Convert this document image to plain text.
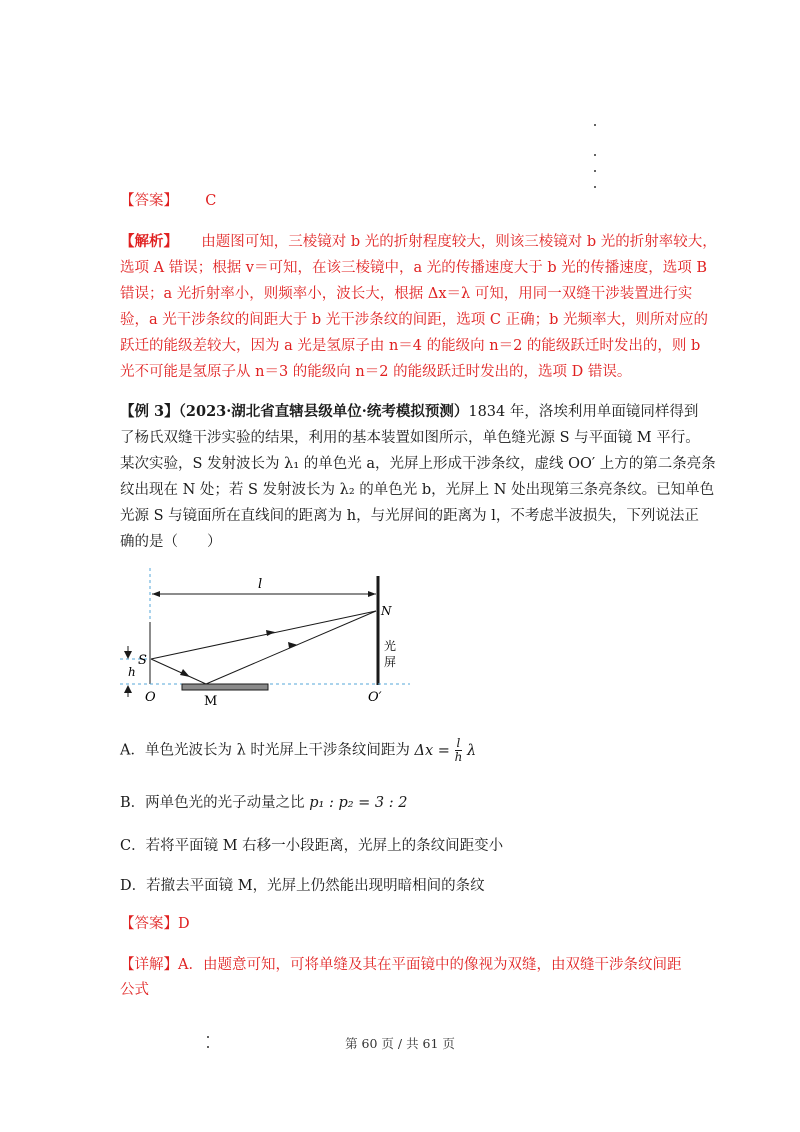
【答案】 C
【解析】 由题图可知，三棱镜对 b 光的折射程度较大，则该三棱镜对 b 光的折射率较大，
选项 A 错误；根据 v＝可知，在该三棱镜中，a 光的传播速度大于 b 光的传播速度，选项 B
错误；a 光折射率小，则频率小，波长大，根据 Δx＝λ 可知，用同一双缝干涉装置进行实
验，a 光干涉条纹的间距大于 b 光干涉条纹的间距，选项 C 正确；b 光频率大，则所对应的
跃迁的能级差较大，因为 a 光是氢原子由 n＝4 的能级向 n＝2 的能级跃迁时发出的，则 b
光不可能是氢原子从 n＝3 的能级向 n＝2 的能级跃迁时发出的，选项 D 错误。
【例 3】（2023·湖北省直辖县级单位·统考模拟预测）1834 年，洛埃利用单面镜同样得到
了杨氏双缝干涉实验的结果，利用的基本装置如图所示，单色缝光源 S 与平面镜 M 平行。
某次实验，S 发射波长为 λ₁ 的单色光 a，光屏上形成干涉条纹，虚线 OO′ 上方的第二条亮条
纹出现在 N 处；若 S 发射波长为 λ₂ 的单色光 b，光屏上 N 处出现第三条亮条纹。已知单色
光源 S 与镜面所在直线间的距离为 h，与光屏间的距离为 l，不考虑半波损失，下列说法正
确的是（　　）
l
N
光
屏
h
S
M
O	O′
A．单色光波长为 λ 时光屏上干涉条纹间距为 $\Delta x = \frac{l}{h}$ λ
B．两单色光的光子动量之比 p₁ : p₂ = 3 : 2
C．若将平面镜 M 右移一小段距离，光屏上的条纹间距变小
D．若撤去平面镜 M，光屏上仍然能出现明暗相间的条纹
【答案】D
【详解】A．由题意可知，可将单缝及其在平面镜中的像视为双缝，由双缝干涉条纹间距
公式
第 60 页 / 共 61 页
